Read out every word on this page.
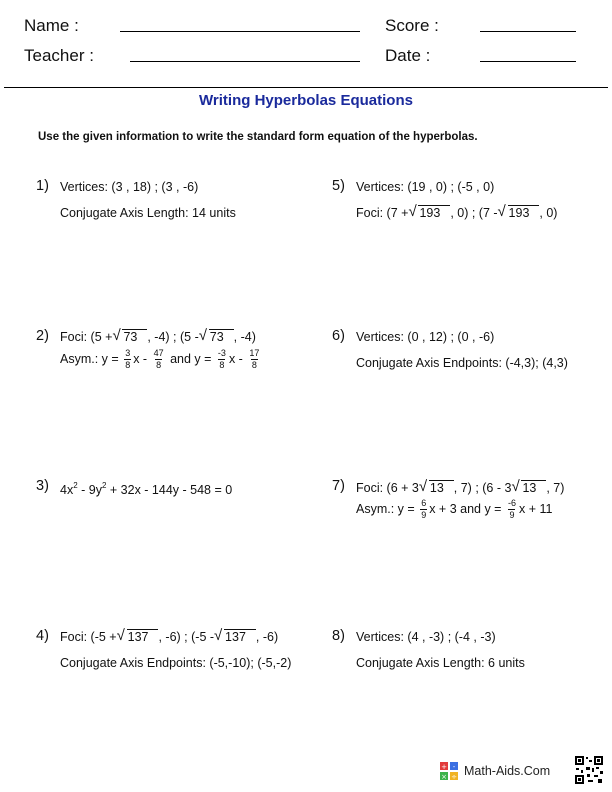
Name :	Score :
Teacher :	Date :
Writing Hyperbolas Equations
Use the given information to write the standard form equation of the hyperbolas.
1) Vertices: (3 , 18) ; (3 , -6)
Conjugate Axis Length: 14 units
5) Vertices: (19 , 0) ; (-5 , 0)
Foci: (7 + √ 193 , 0) ; (7 - √ 193 , 0)
2) Foci: (5 + √ 73 , -4) ; (5 - √ 73 , -4)
Asym.: $y = \frac{3}{8}$ x - $\frac{47}{8}$ and $y = \frac{-3}{8}$ x - $\frac{17}{8}$
6) Vertices: (0 , 12) ; (0 , -6)
Conjugate Axis Endpoints: (-4,3); (4,3)
3) $4x^2 - 9y^2 + 32x - 144y - 548 = 0$	7) Foci: (6 + 3 √ 13 , 7) ; (6 - 3 √ 13 , 7)
Asym.: $y = \frac{6}{9}$ x + 3 and $y = \frac{-6}{9}$ x + 11
4) Foci: (-5 + √ 137 , -6) ; (-5 - √ 137 , -6)
Conjugate Axis Endpoints: (-5,-10); (-5,-2)
8) Vertices: (4 , -3) ; (-4 , -3)
Conjugate Axis Length: 6 units
+ -
× ÷ Math-Aids.Com
